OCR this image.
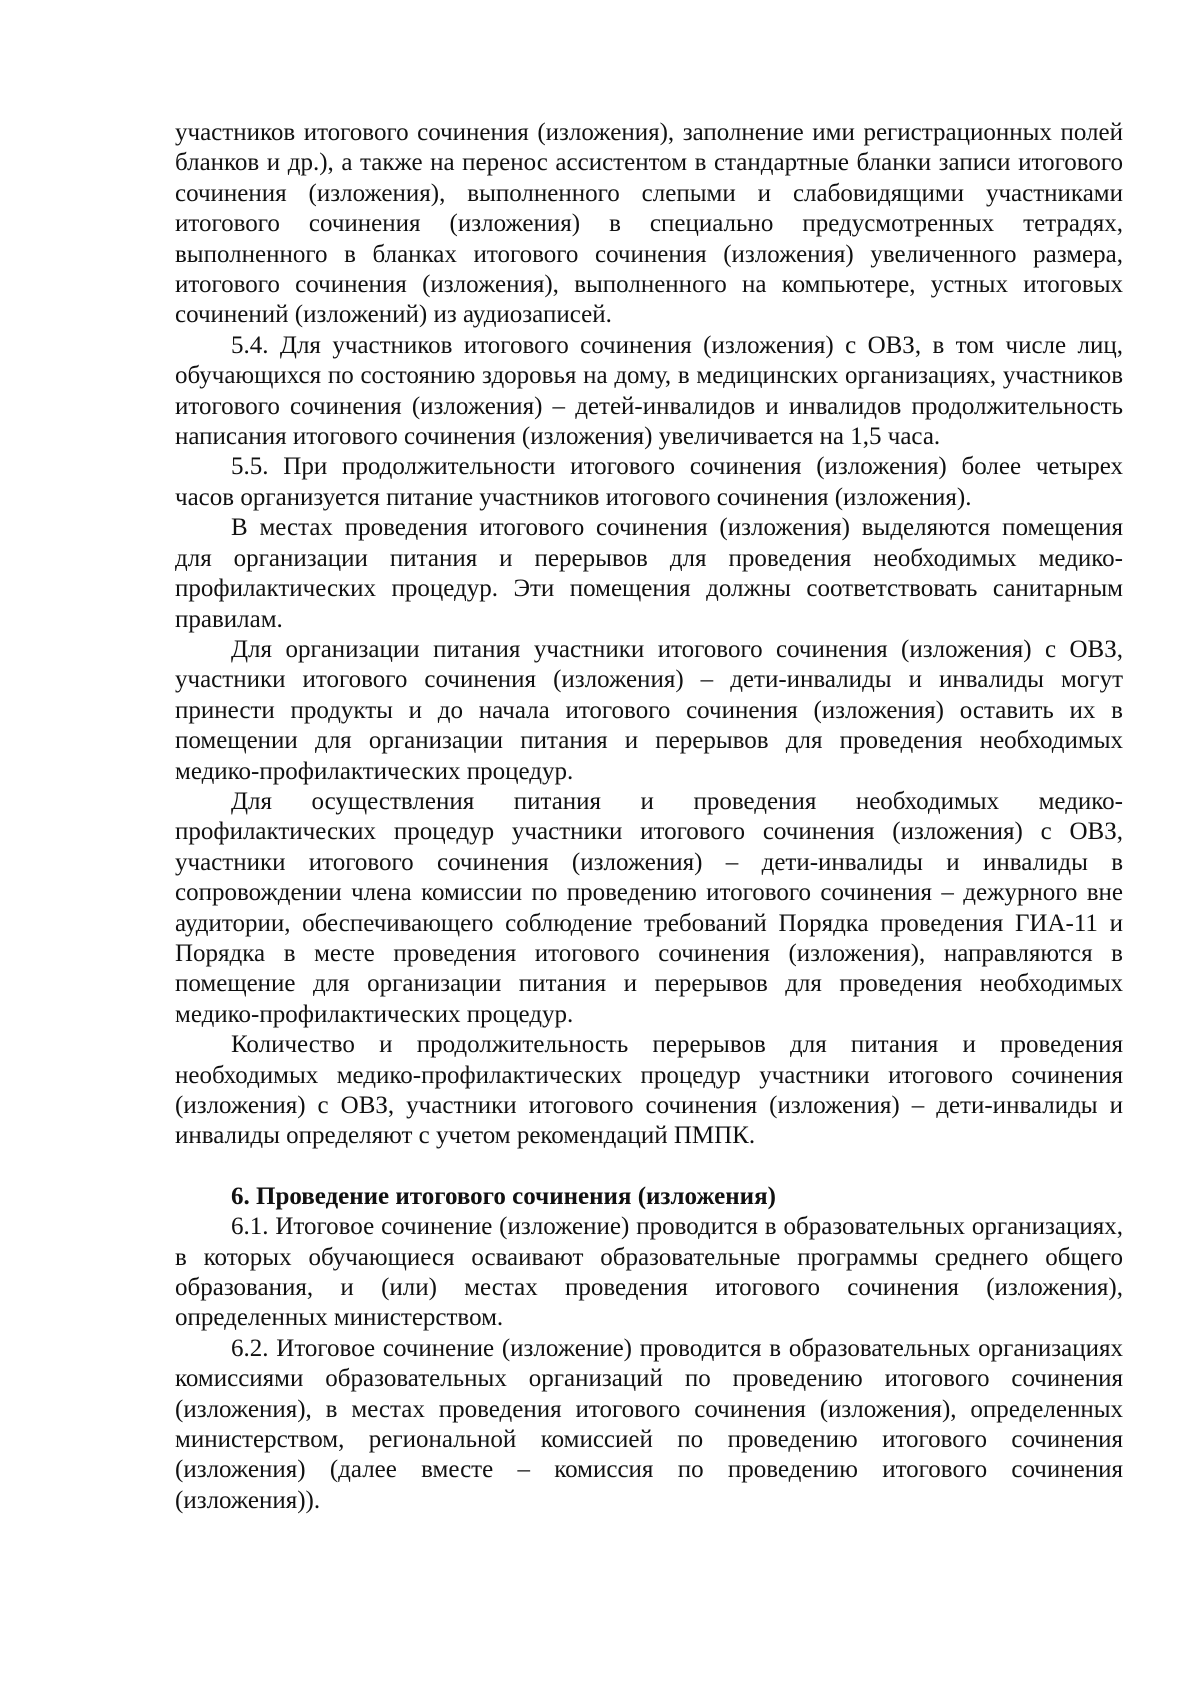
участников итогового сочинения (изложения), заполнение ими регистрационных полей бланков и др.), а также на перенос ассистентом в стандартные бланки записи итогового сочинения (изложения), выполненного слепыми и слабовидящими участниками итогового сочинения (изложения) в специально предусмотренных тетрадях, выполненного в бланках итогового сочинения (изложения) увеличенного размера, итогового сочинения (изложения), выполненного на компьютере, устных итоговых сочинений (изложений) из аудиозаписей.

5.4. Для участников итогового сочинения (изложения) с ОВЗ, в том числе лиц, обучающихся по состоянию здоровья на дому, в медицинских организациях, участников итогового сочинения (изложения) – детей-инвалидов и инвалидов продолжительность написания итогового сочинения (изложения) увеличивается на 1,5 часа.

5.5. При продолжительности итогового сочинения (изложения) более четырех часов организуется питание участников итогового сочинения (изложения).

В местах проведения итогового сочинения (изложения) выделяются помещения для организации питания и перерывов для проведения необходимых медико-профилактических процедур. Эти помещения должны соответствовать санитарным правилам.

Для организации питания участники итогового сочинения (изложения) с ОВЗ, участники итогового сочинения (изложения) – дети-инвалиды и инвалиды могут принести продукты и до начала итогового сочинения (изложения) оставить их в помещении для организации питания и перерывов для проведения необходимых медико-профилактических процедур.

Для осуществления питания и проведения необходимых медико-профилактических процедур участники итогового сочинения (изложения) с ОВЗ, участники итогового сочинения (изложения) – дети-инвалиды и инвалиды в сопровождении члена комиссии по проведению итогового сочинения – дежурного вне аудитории, обеспечивающего соблюдение требований Порядка проведения ГИА-11 и Порядка в месте проведения итогового сочинения (изложения), направляются в помещение для организации питания и перерывов для проведения необходимых медико-профилактических процедур.

Количество и продолжительность перерывов для питания и проведения необходимых медико-профилактических процедур участники итогового сочинения (изложения) с ОВЗ, участники итогового сочинения (изложения) – дети-инвалиды и инвалиды определяют с учетом рекомендаций ПМПК.

6. Проведение итогового сочинения (изложения)

6.1. Итоговое сочинение (изложение) проводится в образовательных организациях, в которых обучающиеся осваивают образовательные программы среднего общего образования, и (или) местах проведения итогового сочинения (изложения), определенных министерством.

6.2. Итоговое сочинение (изложение) проводится в образовательных организациях комиссиями образовательных организаций по проведению итогового сочинения (изложения), в местах проведения итогового сочинения (изложения), определенных министерством, региональной комиссией по проведению итогового сочинения (изложения) (далее вместе – комиссия по проведению итогового сочинения (изложения)).
